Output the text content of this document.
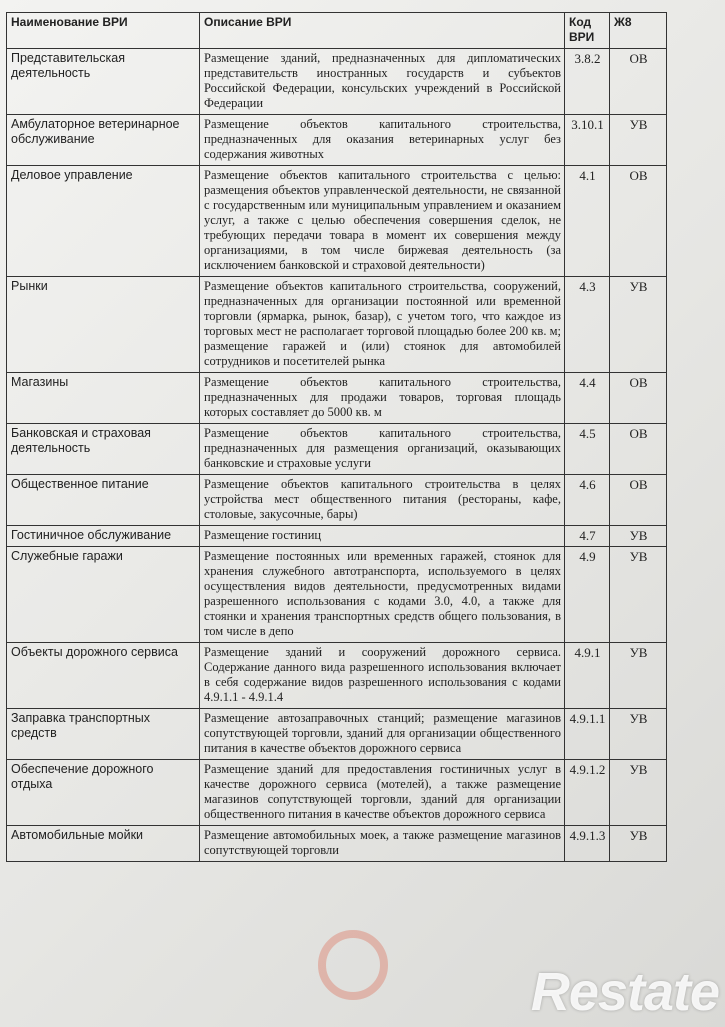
Наименование ВРИ	Описание ВРИ	Код ВРИ	Ж8
Представительская деятельность	Размещение зданий, предназначенных для дипломатических представительств иностранных государств и субъектов Российской Федерации, консульских учреждений в Российской Федерации	3.8.2	ОВ
Амбулаторное ветеринарное обслуживание	Размещение объектов капитального строительства, предназначенных для оказания ветеринарных услуг без содержания животных	3.10.1	УВ
Деловое управление	Размещение объектов капитального строительства с целью: размещения объектов управленческой деятельности, не связанной с государственным или муниципальным управлением и оказанием услуг, а также с целью обеспечения совершения сделок, не требующих передачи товара в момент их совершения между организациями, в том числе биржевая деятельность (за исключением банковской и страховой деятельности)	4.1	ОВ
Рынки	Размещение объектов капитального строительства, сооружений, предназначенных для организации постоянной или временной торговли (ярмарка, рынок, базар), с учетом того, что каждое из торговых мест не располагает торговой площадью более 200 кв. м; размещение гаражей и (или) стоянок для автомобилей сотрудников и посетителей рынка	4.3	УВ
Магазины	Размещение объектов капитального строительства, предназначенных для продажи товаров, торговая площадь которых составляет до 5000 кв. м	4.4	ОВ
Банковская и страховая деятельность	Размещение объектов капитального строительства, предназначенных для размещения организаций, оказывающих банковские и страховые услуги	4.5	ОВ
Общественное питание	Размещение объектов капитального строительства в целях устройства мест общественного питания (рестораны, кафе, столовые, закусочные, бары)	4.6	ОВ
Гостиничное обслуживание	Размещение гостиниц	4.7	УВ
Служебные гаражи	Размещение постоянных или временных гаражей, стоянок для хранения служебного автотранспорта, используемого в целях осуществления видов деятельности, предусмотренных видами разрешенного использования с кодами 3.0, 4.0, а также для стоянки и хранения транспортных средств общего пользования, в том числе в депо	4.9	УВ
Объекты дорожного сервиса	Размещение зданий и сооружений дорожного сервиса. Содержание данного вида разрешенного использования включает в себя содержание видов разрешенного использования с кодами 4.9.1.1 - 4.9.1.4	4.9.1	УВ
Заправка транспортных средств	Размещение автозаправочных станций; размещение магазинов сопутствующей торговли, зданий для организации общественного питания в качестве объектов дорожного сервиса	4.9.1.1	УВ
Обеспечение дорожного отдыха	Размещение зданий для предоставления гостиничных услуг в качестве дорожного сервиса (мотелей), а также размещение магазинов сопутствующей торговли, зданий для организации общественного питания в качестве объектов дорожного сервиса	4.9.1.2	УВ
Автомобильные мойки	Размещение автомобильных моек, а также размещение магазинов сопутствующей торговли	4.9.1.3	УВ
Restate
